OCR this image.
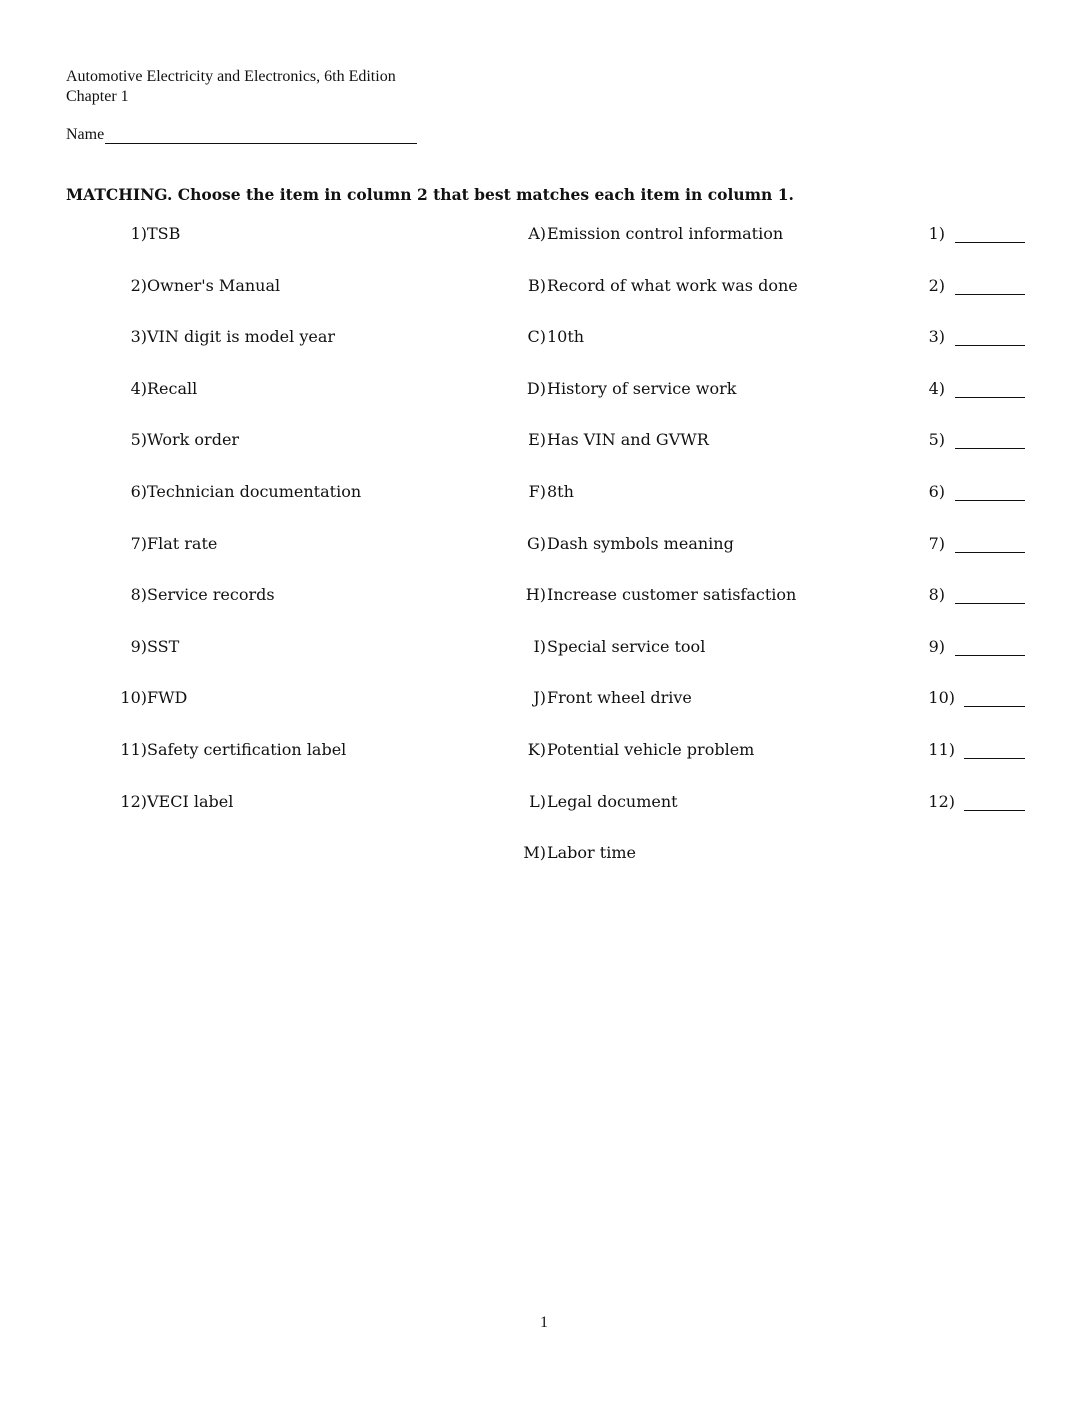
Automotive Electricity and Electronics, 6th Edition
Chapter 1
Name
MATCHING. Choose the item in column 2 that best matches each item in column 1.
1) TSB	A) Emission control information	1)
2) Owner's Manual	B) Record of what work was done	2)
3) VIN digit is model year	C) 10th	3)
4) Recall	D) History of service work	4)
5) Work order	E) Has VIN and GVWR	5)
6) Technician documentation	F) 8th	6)
7) Flat rate	G) Dash symbols meaning	7)
8) Service records	H) Increase customer satisfaction	8)
9) SST	I) Special service tool	9)
10) FWD	J) Front wheel drive	10)
11) Safety certification label	K) Potential vehicle problem	11)
12) VECI label	L) Legal document	12)
M) Labor time
1
